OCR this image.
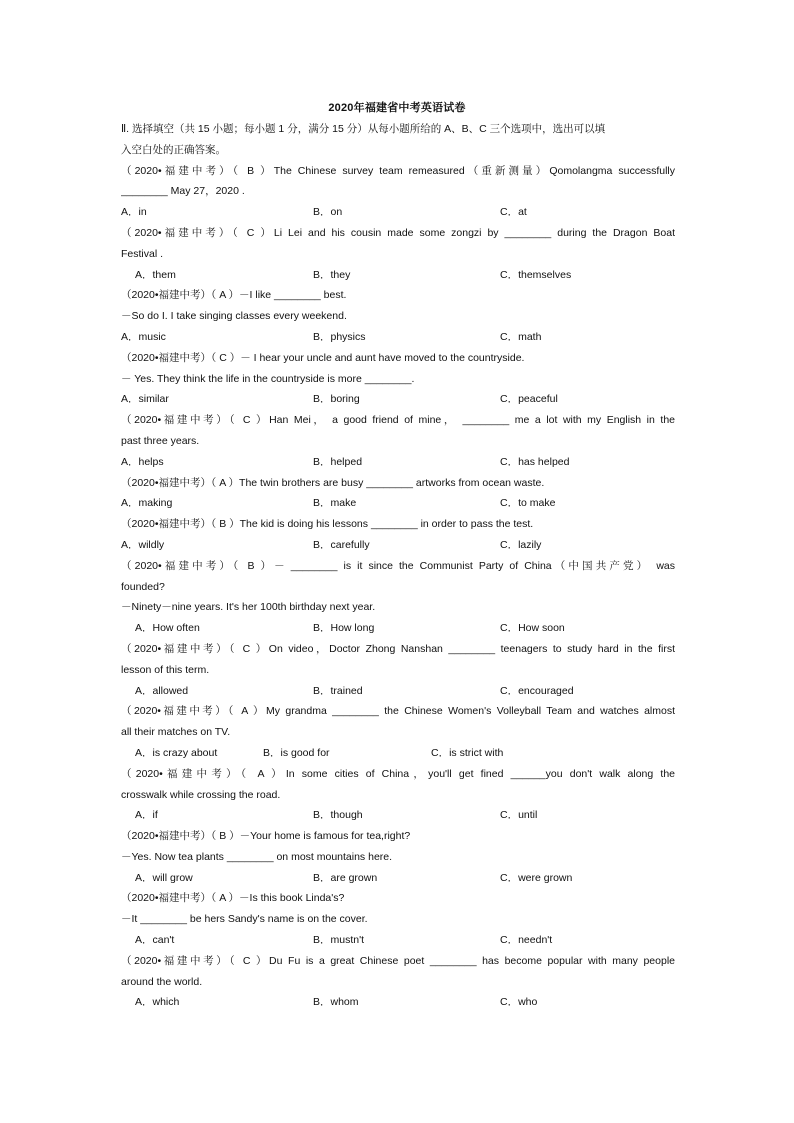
2020年福建省中考英语试卷
Ⅱ. 选择填空（共 15 小题；每小题 1 分，满分 15 分）从每小题所给的 A、B、C 三个选项中，选出可以填
入空白处的正确答案。
（2020•福建中考）（ B ）The Chinese survey team remeasured（重新测量）Qomolangma successfully
________ May 27，2020 .
A．in	B．on	C．at
（2020•福建中考）（ C ）Li Lei and his cousin made some zongzi by ________ during the Dragon Boat
Festival .
A．them	B．they	C．themselves
（2020•福建中考）（ A ）－I like ________ best.
－So do I. I take singing classes every weekend.
A．music	B．physics	C．math
（2020•福建中考）（ C ）－ I hear your uncle and aunt have moved to the countryside.
－ Yes. They think the life in the countryside is more ________.
A．similar	B．boring	C．peaceful
（2020•福建中考）（ C ）Han Mei， a good friend of mine， ________ me a lot with my English in the
past three years.
A．helps	B．helped	C．has helped
（2020•福建中考）（ A ）The twin brothers are busy ________ artworks from ocean waste.
A．making	B．make	C．to make
（2020•福建中考）（ B ）The kid is doing his lessons ________ in order to pass the test.
A．wildly	B．carefully	C．lazily
（2020•福建中考）（ B ）－ ________ is it since the Communist Party of China（中国共产党） was
founded?
－Ninety－nine years. It's her 100th birthday next year.
A．How often	B．How long	C．How soon
（2020•福建中考）（ C ）On video，Doctor Zhong Nanshan ________ teenagers to study hard in the first
lesson of this term.
A．allowed	B．trained	C．encouraged
（2020•福建中考）（ A ）My grandma ________ the Chinese Women's Volleyball Team and watches almost
all their matches on TV.
A．is crazy about	B．is good for	C．is strict with
（2020•福建中考）（ A ）In some cities of China，you'll get fined ______you don't walk along the
crosswalk while crossing the road.
A．if	B．though	C．until
（2020•福建中考）（ B ）－Your home is famous for tea,right?
－Yes. Now tea plants ________ on most mountains here.
A．will grow	B．are grown	C．were grown
（2020•福建中考）（ A ）－Is this book Linda's?
－It ________ be hers Sandy's name is on the cover.
A．can't	B．mustn't	C．needn't
（2020•福建中考）（ C ）Du Fu is a great Chinese poet ________ has become popular with many people
around the world.
A．which	B．whom	C．who
